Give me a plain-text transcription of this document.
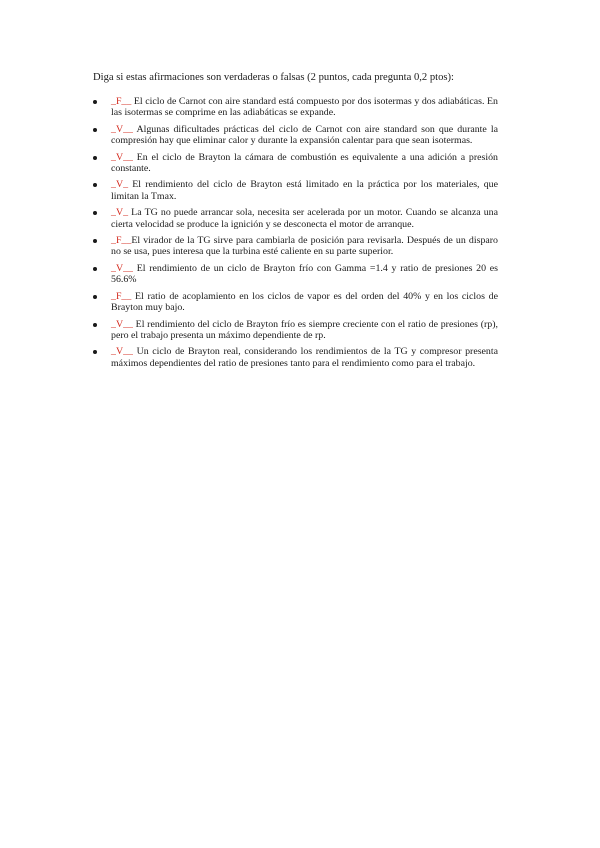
Diga si estas afirmaciones son verdaderas o falsas (2 puntos, cada pregunta 0,2 ptos):

_F__ El ciclo de Carnot con aire standard está compuesto por dos isotermas y dos adiabáticas. En las isotermas se comprime en las adiabáticas se expande.
_V__ Algunas dificultades prácticas del ciclo de Carnot con aire standard son que durante la compresión hay que eliminar calor y durante la expansión calentar para que sean isotermas.
_V__ En el ciclo de Brayton la cámara de combustión es equivalente a una adición a presión constante.
_V_ El rendimiento del ciclo de Brayton está limitado en la práctica por los materiales, que limitan la Tmax.
_V_ La TG no puede arrancar sola, necesita ser acelerada por un motor. Cuando se alcanza una cierta velocidad se produce la ignición y se desconecta el motor de arranque.
_F__El virador de la TG sirve para cambiarla de posición para revisarla. Después de un disparo no se usa, pues interesa que la turbina esté caliente en su parte superior.
_V__ El rendimiento de un ciclo de Brayton frío con Gamma =1.4 y ratio de presiones 20 es 56.6%
_F__ El ratio de acoplamiento en los ciclos de vapor es del orden del 40% y en los ciclos de Brayton muy bajo.
_V__ El rendimiento del ciclo de Brayton frío es siempre creciente con el ratio de presiones (rp), pero el trabajo presenta un máximo dependiente de rp.
_V__ Un ciclo de Brayton real, considerando los rendimientos de la TG y compresor presenta máximos dependientes del ratio de presiones tanto para el rendimiento como para el trabajo.
